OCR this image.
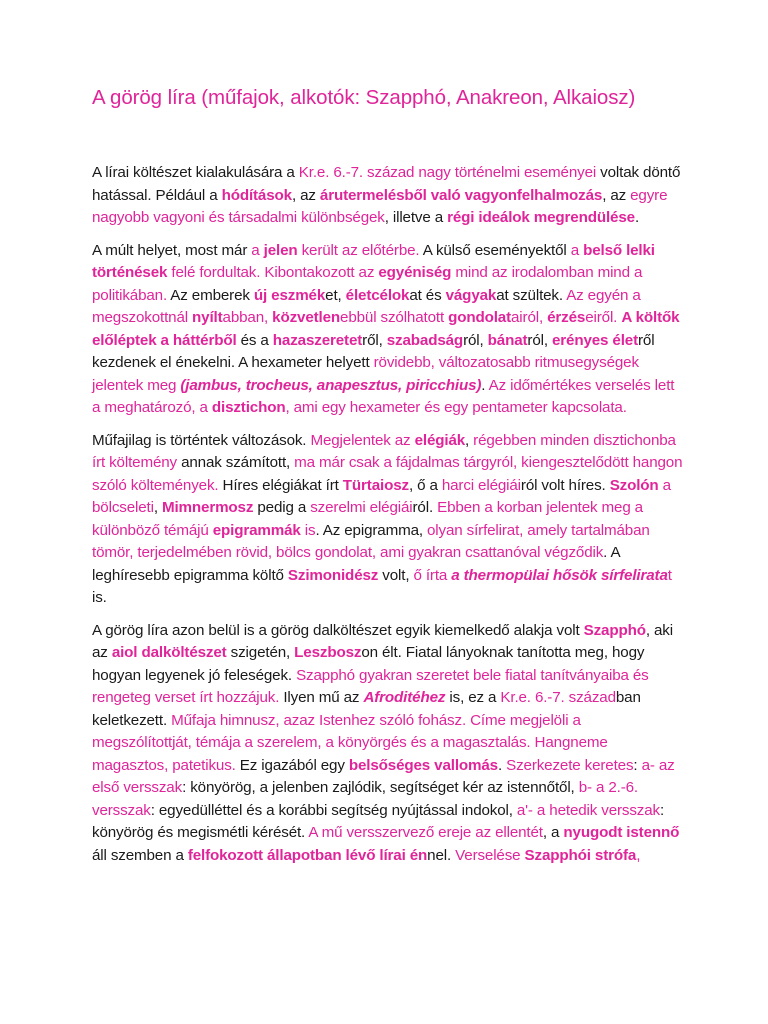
A görög líra (műfajok, alkotók: Szapphó, Anakreon, Alkaiosz)

A lírai költészet kialakulására a Kr.e. 6.-7. század nagy történelmi eseményei voltak döntő hatással. Például a hódítások, az árutermelésből való vagyonfelhalmozás, az egyre nagyobb vagyoni és társadalmi különbségek, illetve a régi ideálok megrendülése.

A múlt helyet, most már a jelen került az előtérbe. A külső eseményektől a belső lelki történések felé fordultak. Kibontakozott az egyéniség mind az irodalomban mind a politikában. Az emberek új eszméket, életcélokat és vágyakat szültek. Az egyén a megszokottnál nyíltabban, közvetlenebbül szólhatott gondolatairól, érzéseiről. A költők előléptek a háttérből és a hazaszeretetről, szabadságról, bánatról, erényes életről kezdenek el énekelni. A hexameter helyett rövidebb, változatosabb ritmusegységek jelentek meg (jambus, trocheus, anapesztus, piricchius). Az időmértékes verselés lett a meghatározó, a disztichon, ami egy hexameter és egy pentameter kapcsolata.

Műfajilag is történtek változások. Megjelentek az elégiák, régebben minden disztichonba írt költemény annak számított, ma már csak a fájdalmas tárgyról, kiengesztelődött hangon szóló költemények. Híres elégiákat írt Türtaiosz, ő a harci elégiáiról volt híres. Szolón a bölcseleti, Mimnermosz pedig a szerelmi elégiáiról. Ebben a korban jelentek meg a különböző témájú epigrammák is. Az epigramma, olyan sírfelirat, amely tartalmában tömör, terjedelmében rövid, bölcs gondolat, ami gyakran csattanóval végződik. A leghíresebb epigramma költő Szimonidész volt, ő írta a thermopülai hősök sírfeliratat is.

A görög líra azon belül is a görög dalköltészet egyik kiemelkedő alakja volt Szapphó, aki az aiol dalköltészet szigetén, Leszboszon élt. Fiatal lányoknak tanította meg, hogy hogyan legyenek jó feleségek. Szapphó gyakran szeretet bele fiatal tanítványaiba és rengeteg verset írt hozzájuk. Ilyen mű az Afroditéhez is, ez a Kr.e. 6.-7. században keletkezett. Műfaja himnusz, azaz Istenhez szóló fohász. Címe megjelöli a megszólítottját, témája a szerelem, a könyörgés és a magasztalás. Hangneme magasztos, patetikus. Ez igazából egy belsőséges vallomás. Szerkezete keretes: a- az első versszak: könyörög, a jelenben zajlódik, segítséget kér az istennőtől, b- a 2.-6. versszak: egyedülléttel és a korábbi segítség nyújtással indokol, a'- a hetedik versszak: könyörög és megismétli kérését. A mű versszervező ereje az ellentét, a nyugodt istennő áll szemben a felfokozott állapotban lévő lírai énnel. Verselése Szapphói strófa,
